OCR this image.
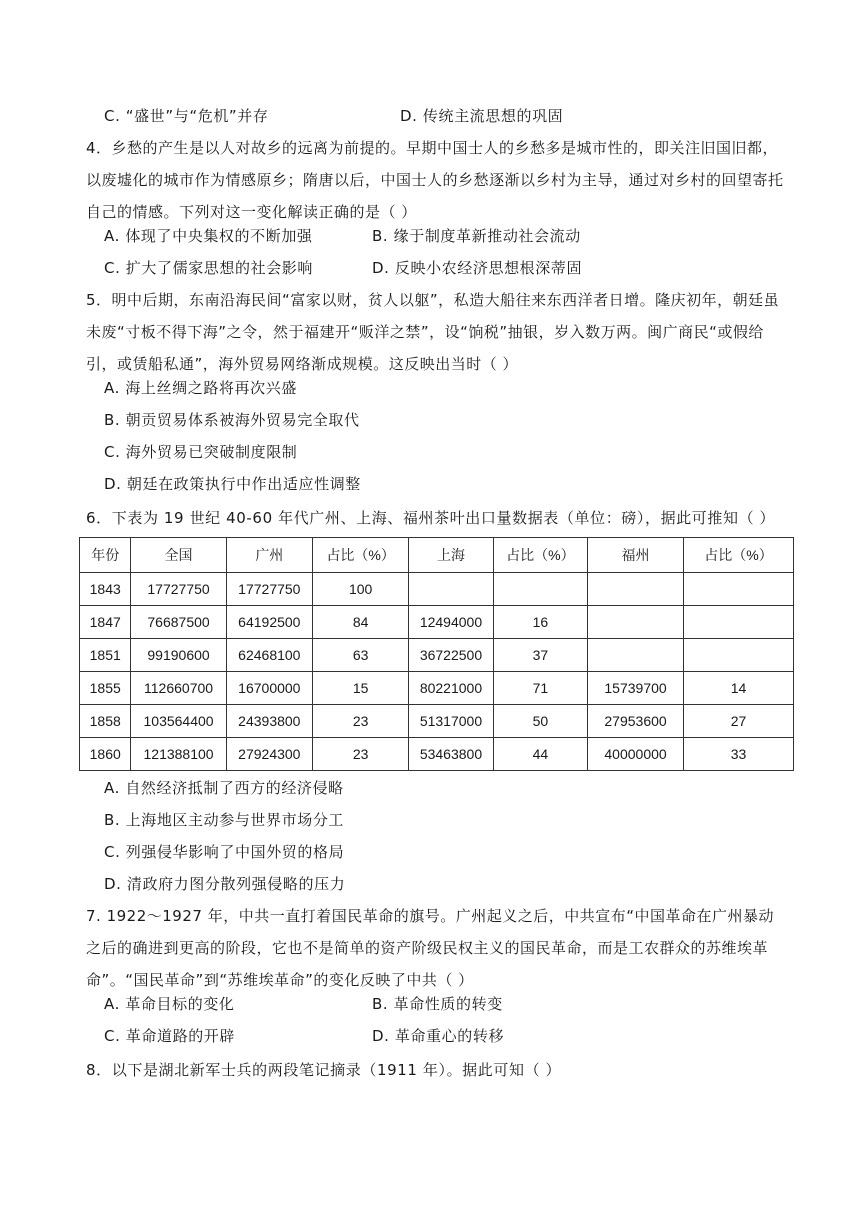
C. “盛世”与“危机”并存	D. 传统主流思想的巩固
4．乡愁的产生是以人对故乡的远离为前提的。早期中国士人的乡愁多是城市性的，即关注旧国旧都，以废墟化的城市作为情感原乡；隋唐以后，中国士人的乡愁逐渐以乡村为主导，通过对乡村的回望寄托自己的情感。下列对这一变化解读正确的是（ ）
A. 体现了中央集权的不断加强	B. 缘于制度革新推动社会流动
C. 扩大了儒家思想的社会影响	D. 反映小农经济思想根深蒂固
5．明中后期，东南沿海民间“富家以财，贫人以躯”，私造大船往来东西洋者日增。隆庆初年，朝廷虽未废“寸板不得下海”之令，然于福建开“贩洋之禁”，设“饷税”抽银，岁入数万两。闽广商民“或假给引，或赁船私通”，海外贸易网络渐成规模。这反映出当时（ ）
A. 海上丝绸之路将再次兴盛
B. 朝贡贸易体系被海外贸易完全取代
C. 海外贸易已突破制度限制
D. 朝廷在政策执行中作出适应性调整
6．下表为 19 世纪 40-60 年代广州、上海、福州茶叶出口量数据表（单位：磅），据此可推知（ ）
年份	全国	广州	占比（%）	上海	占比（%）	福州	占比（%）
1843	17727750	17727750	100				
1847	76687500	64192500	84	12494000	16		
1851	99190600	62468100	63	36722500	37		
1855	112660700	16700000	15	80221000	71	15739700	14
1858	103564400	24393800	23	51317000	50	27953600	27
1860	121388100	27924300	23	53463800	44	40000000	33
A. 自然经济抵制了西方的经济侵略
B. 上海地区主动参与世界市场分工
C. 列强侵华影响了中国外贸的格局
D. 清政府力图分散列强侵略的压力
7. 1922～1927 年，中共一直打着国民革命的旗号。广州起义之后，中共宣布“中国革命在广州暴动之后的确进到更高的阶段，它也不是简单的资产阶级民权主义的国民革命，而是工农群众的苏维埃革命”。“国民革命”到“苏维埃革命”的变化反映了中共（ ）
A. 革命目标的变化	B. 革命性质的转变
C. 革命道路的开辟	D. 革命重心的转移
8．以下是湖北新军士兵的两段笔记摘录（1911 年）。据此可知（ ）
